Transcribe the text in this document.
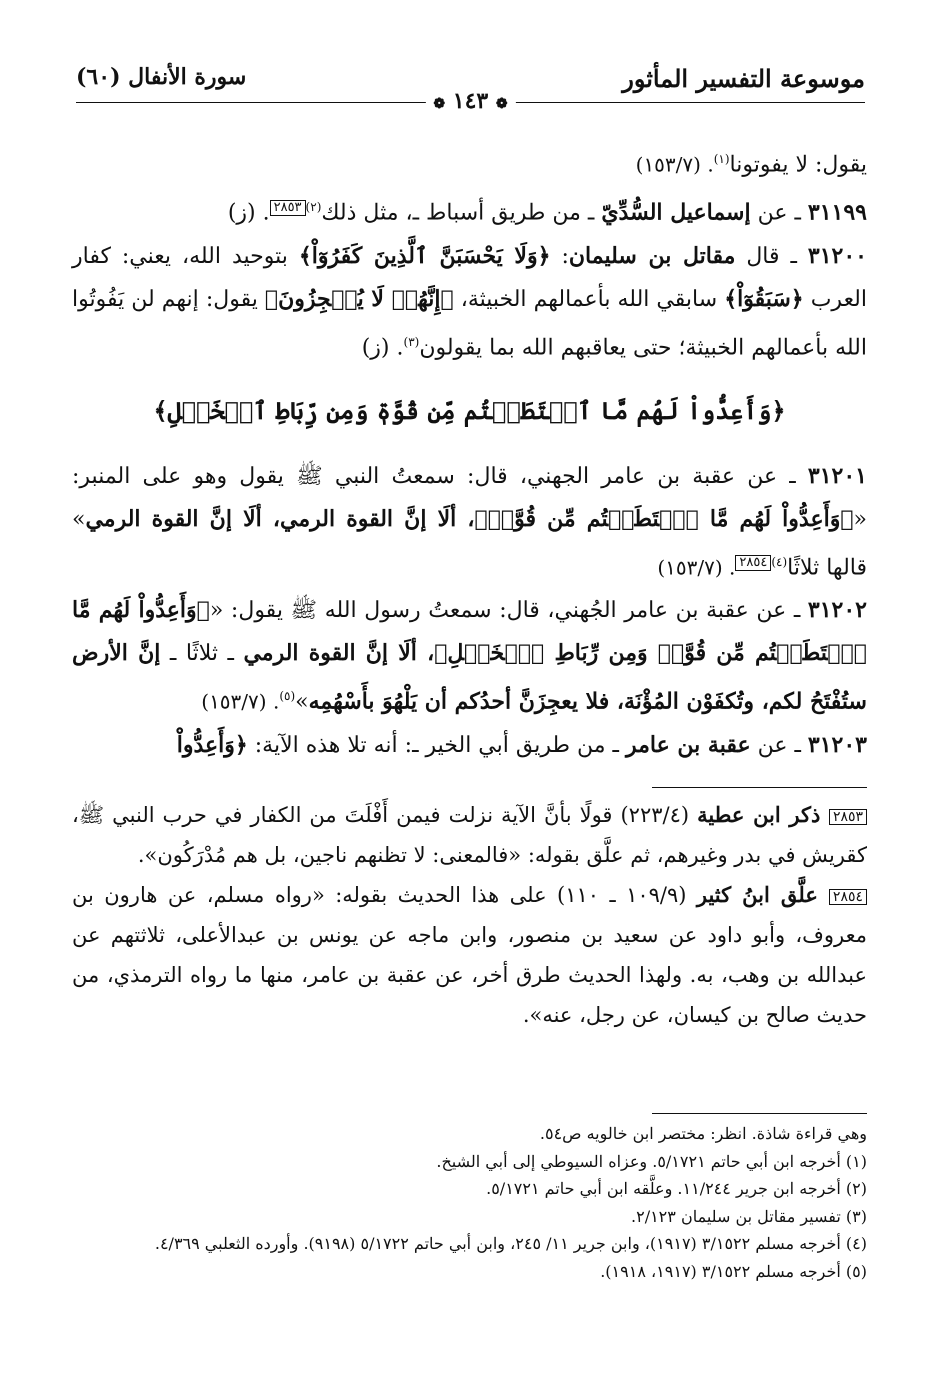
موسوعة التفسير المأثور
سورة الأنفال (٦٠)
❁ ١٤٣ ❁

يقول: لا يفوتونا$^{(١)}$. (١٥٣/٧)

٣١١٩٩ ـ عن إسماعيل السُّدِّيّ ـ من طريق أسباط ـ، مثل ذلك$^{(٢)}$٢٨٥٣. (ز)

٣١٢٠٠ ـ قال مقاتل بن سليمان: ﴿وَلَا يَحْسَبَنَّ ٱلَّذِينَ كَفَرُوٓاْ﴾ بتوحيد الله، يعني: كفار العرب ﴿سَبَقُوٓاْ﴾ سابقي الله بأعمالهم الخبيثة، ﴿إِنَّهُمۡ لَا يُعۡجِزُونَ﴾ يقول: إنهم لن يَفُوتُوا الله بأعمالهم الخبيثة؛ حتى يعاقبهم الله بما يقولون$^{(٣)}$. (ز)

﴿وَأَعِدُّواْ لَهُم مَّا ٱسۡتَطَعۡتُم مِّن قُوَّةٖ وَمِن رِّبَاطِ ٱلۡخَيۡلِ﴾

٣١٢٠١ ـ عن عقبة بن عامر الجهني، قال: سمعتُ النبي ﷺ يقول وهو على المنبر: «﴿وَأَعِدُّواْ لَهُم مَّا ٱسۡتَطَعۡتُم مِّن قُوَّةٖ﴾، ألَا إنَّ القوة الرمي، ألَا إنَّ القوة الرمي» قالها ثلاثًا$^{(٤)}$٢٨٥٤. (١٥٣/٧)

٣١٢٠٢ ـ عن عقبة بن عامر الجُهني، قال: سمعتُ رسول الله ﷺ يقول: «﴿وَأَعِدُّواْ لَهُم مَّا ٱسۡتَطَعۡتُم مِّن قُوَّةٖ وَمِن رِّبَاطِ ٱلۡخَيۡلِ﴾، ألَا إنَّ القوة الرمي ـ ثلاثًا ـ إنَّ الأرض ستُفْتَحُ لكم، وتُكفَوْن المُؤْنَة، فلا يعجِزَنَّ أحدُكم أن يَلْهُوَ بأَسْهُمِه»$^{(٥)}$. (١٥٣/٧)

٣١٢٠٣ ـ عن عقبة بن عامر ـ من طريق أبي الخير ـ: أنه تلا هذه الآية: ﴿وَأَعِدُّواْ

٢٨٥٣ ذكر ابن عطية (٢٢٣/٤) قولًا بأنَّ الآية نزلت فيمن أَفْلَتَ من الكفار في حرب النبي ﷺ، كقريش في بدر وغيرهم، ثم علَّق بقوله: «فالمعنى: لا تظنهم ناجين، بل هم مُدْرَكُون».

٢٨٥٤ علَّق ابنُ كثير (١٠٩/٩ ـ ١١٠) على هذا الحديث بقوله: «رواه مسلم، عن هارون بن معروف، وأبو داود عن سعيد بن منصور، وابن ماجه عن يونس بن عبدالأعلى، ثلاثتهم عن عبدالله بن وهب، به. ولهذا الحديث طرق أخر، عن عقبة بن عامر، منها ما رواه الترمذي، من حديث صالح بن كيسان، عن رجل، عنه».

وهي قراءة شاذة. انظر: مختصر ابن خالويه ص٥٤.

(١) أخرجه ابن أبي حاتم ٥/١٧٢١. وعزاه السيوطي إلى أبي الشيخ.

(٢) أخرجه ابن جرير ١١/٢٤٤. وعلَّقه ابن أبي حاتم ٥/١٧٢١.

(٣) تفسير مقاتل بن سليمان ٢/١٢٣.

(٤) أخرجه مسلم ٣/١٥٢٢ (١٩١٧)، وابن جرير ١١/ ٢٤٥، وابن أبي حاتم ٥/١٧٢٢ (٩١٩٨). وأورده الثعلبي ٤/٣٦٩.

(٥) أخرجه مسلم ٣/١٥٢٢ (١٩١٧، ١٩١٨).
